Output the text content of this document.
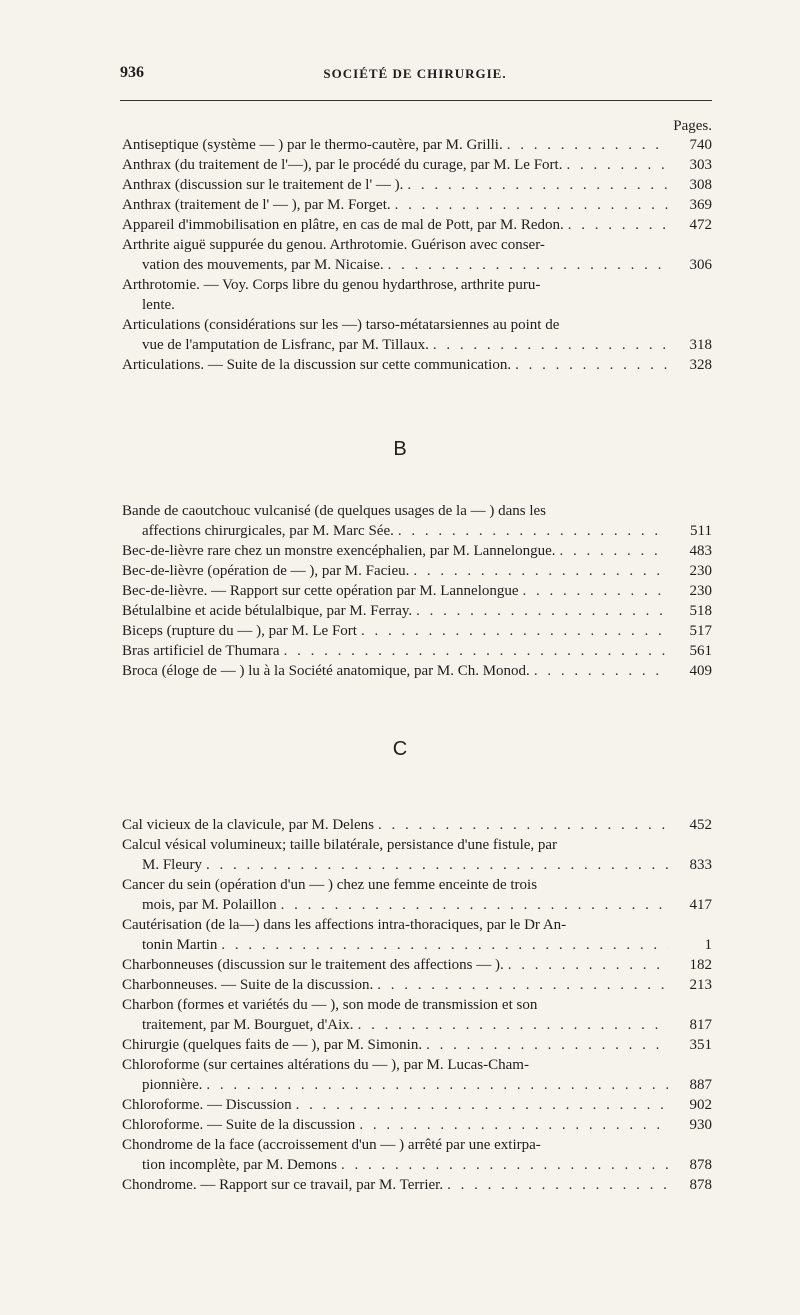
936	SOCIÉTÉ DE CHIRURGIE.
Pages.
Antiseptique (système — ) par le thermo-cautère, par M. Grilli. . . .	740
Anthrax (du traitement de l'—), par le procédé du curage, par M. Le Fort. . . .	303
Anthrax (discussion sur le traitement de l' — ). . . .	308
Anthrax (traitement de l' — ), par M. Forget. . . .	369
Appareil d'immobilisation en plâtre, en cas de mal de Pott, par M. Redon. . . .	472
Arthrite aiguë suppurée du genou. Arthrotomie. Guérison avec conser-
vation des mouvements, par M. Nicaise. . . .	306
Arthrotomie. — Voy. Corps libre du genou hydarthrose, arthrite puru-
lente.
Articulations (considérations sur les —) tarso-métatarsiennes au point de
vue de l'amputation de Lisfranc, par M. Tillaux. . . .	318
Articulations. — Suite de la discussion sur cette communication. . . .	328
B
Bande de caoutchouc vulcanisé (de quelques usages de la — ) dans les
affections chirurgicales, par M. Marc Sée. . . .	511
Bec-de-lièvre rare chez un monstre exencéphalien, par M. Lannelongue. . . .	483
Bec-de-lièvre (opération de — ), par M. Facieu. . . .	230
Bec-de-lièvre. — Rapport sur cette opération par M. Lannelongue . . .	230
Bétulalbine et acide bétulalbique, par M. Ferray. . . .	518
Biceps (rupture du — ), par M. Le Fort . . .	517
Bras artificiel de Thumara . . .	561
Broca (éloge de — ) lu à la Société anatomique, par M. Ch. Monod. . . .	409
C
Cal vicieux de la clavicule, par M. Delens . . .	452
Calcul vésical volumineux; taille bilatérale, persistance d'une fistule, par
M. Fleury . . .	833
Cancer du sein (opération d'un — ) chez une femme enceinte de trois
mois, par M. Polaillon . . .	417
Cautérisation (de la—) dans les affections intra-thoraciques, par le Dr An-
tonin Martin . . .	1
Charbonneuses (discussion sur le traitement des affections — ). . . .	182
Charbonneuses. — Suite de la discussion. . . .	213
Charbon (formes et variétés du — ), son mode de transmission et son
traitement, par M. Bourguet, d'Aix. . . .	817
Chirurgie (quelques faits de — ), par M. Simonin. . . .	351
Chloroforme (sur certaines altérations du — ), par M. Lucas-Cham-
pionnière. . . .	887
Chloroforme. — Discussion . . .	902
Chloroforme. — Suite de la discussion . . .	930
Chondrome de la face (accroissement d'un — ) arrêté par une extirpa-
tion incomplète, par M. Demons . . .	878
Chondrome. — Rapport sur ce travail, par M. Terrier. . . .	878
